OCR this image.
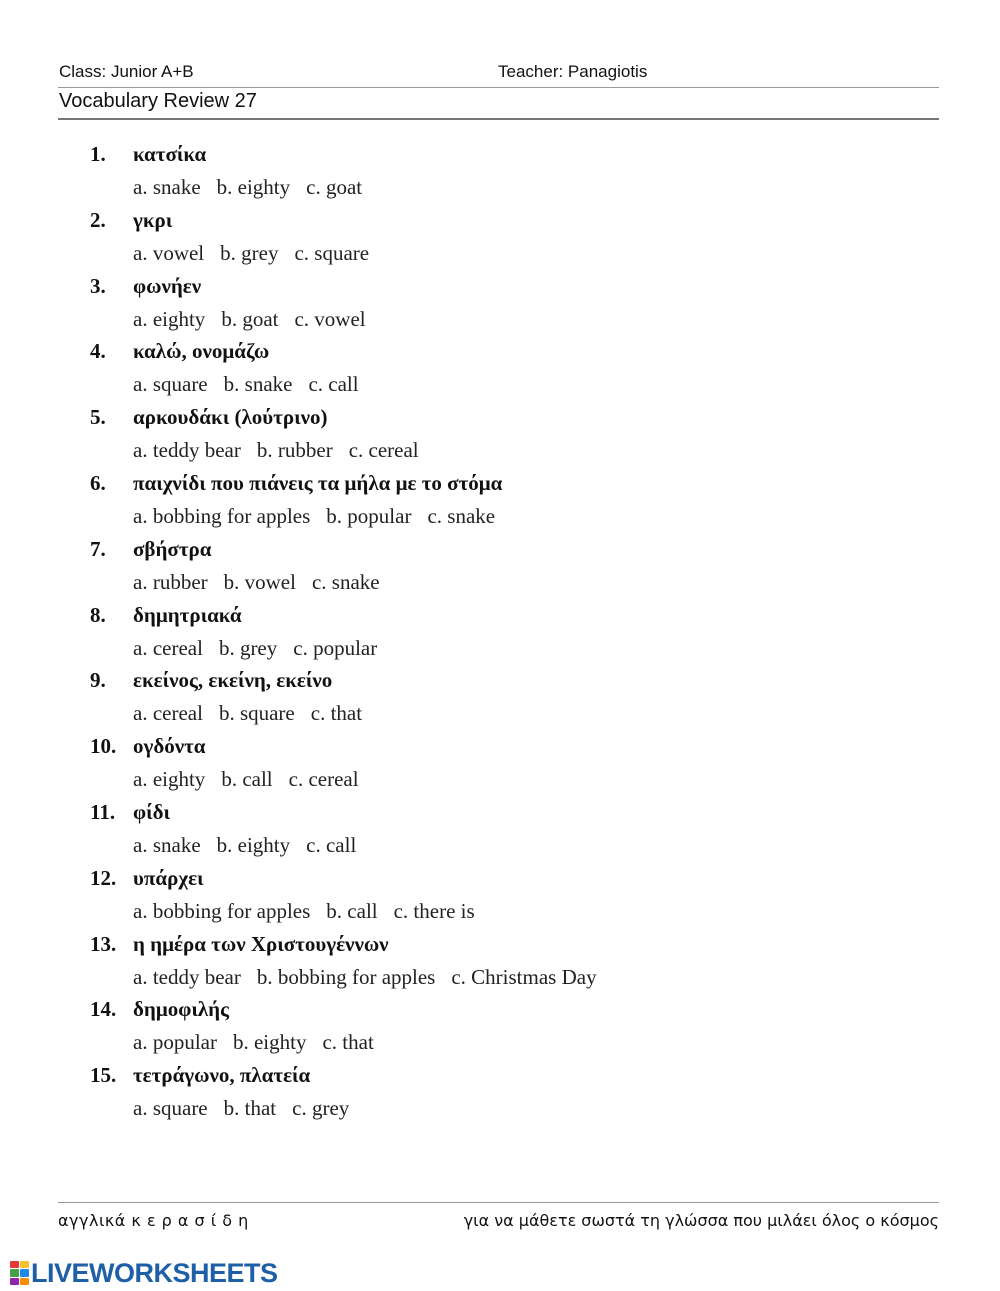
Class: Junior A+B	Teacher: Panagiotis
Vocabulary Review 27
1. κατσίκα
a. snake b. eighty c. goat
2. γκρι
a. vowel b. grey c. square
3. φωνήεν
a. eighty b. goat c. vowel
4. καλώ, ονομάζω
a. square b. snake c. call
5. αρκουδάκι (λούτρινο)
a. teddy bear b. rubber c. cereal
6. παιχνίδι που πιάνεις τα μήλα με το στόμα
a. bobbing for apples b. popular c. snake
7. σβήστρα
a. rubber b. vowel c. snake
8. δημητριακά
a. cereal b. grey c. popular
9. εκείνος, εκείνη, εκείνο
a. cereal b. square c. that
10. ογδόντα
a. eighty b. call c. cereal
11. φίδι
a. snake b. eighty c. call
12. υπάρχει
a. bobbing for apples b. call c. there is
13. η ημέρα των Χριστουγέννων
a. teddy bear b. bobbing for apples c. Christmas Day
14. δημοφιλής
a. popular b. eighty c. that
15. τετράγωνο, πλατεία
a. square b. that c. grey
αγγλικά κ ε ρ α σ ί δ η	για να μάθετε σωστά τη γλώσσα που μιλάει όλος ο κόσμος
LIVEWORKSHEETS
